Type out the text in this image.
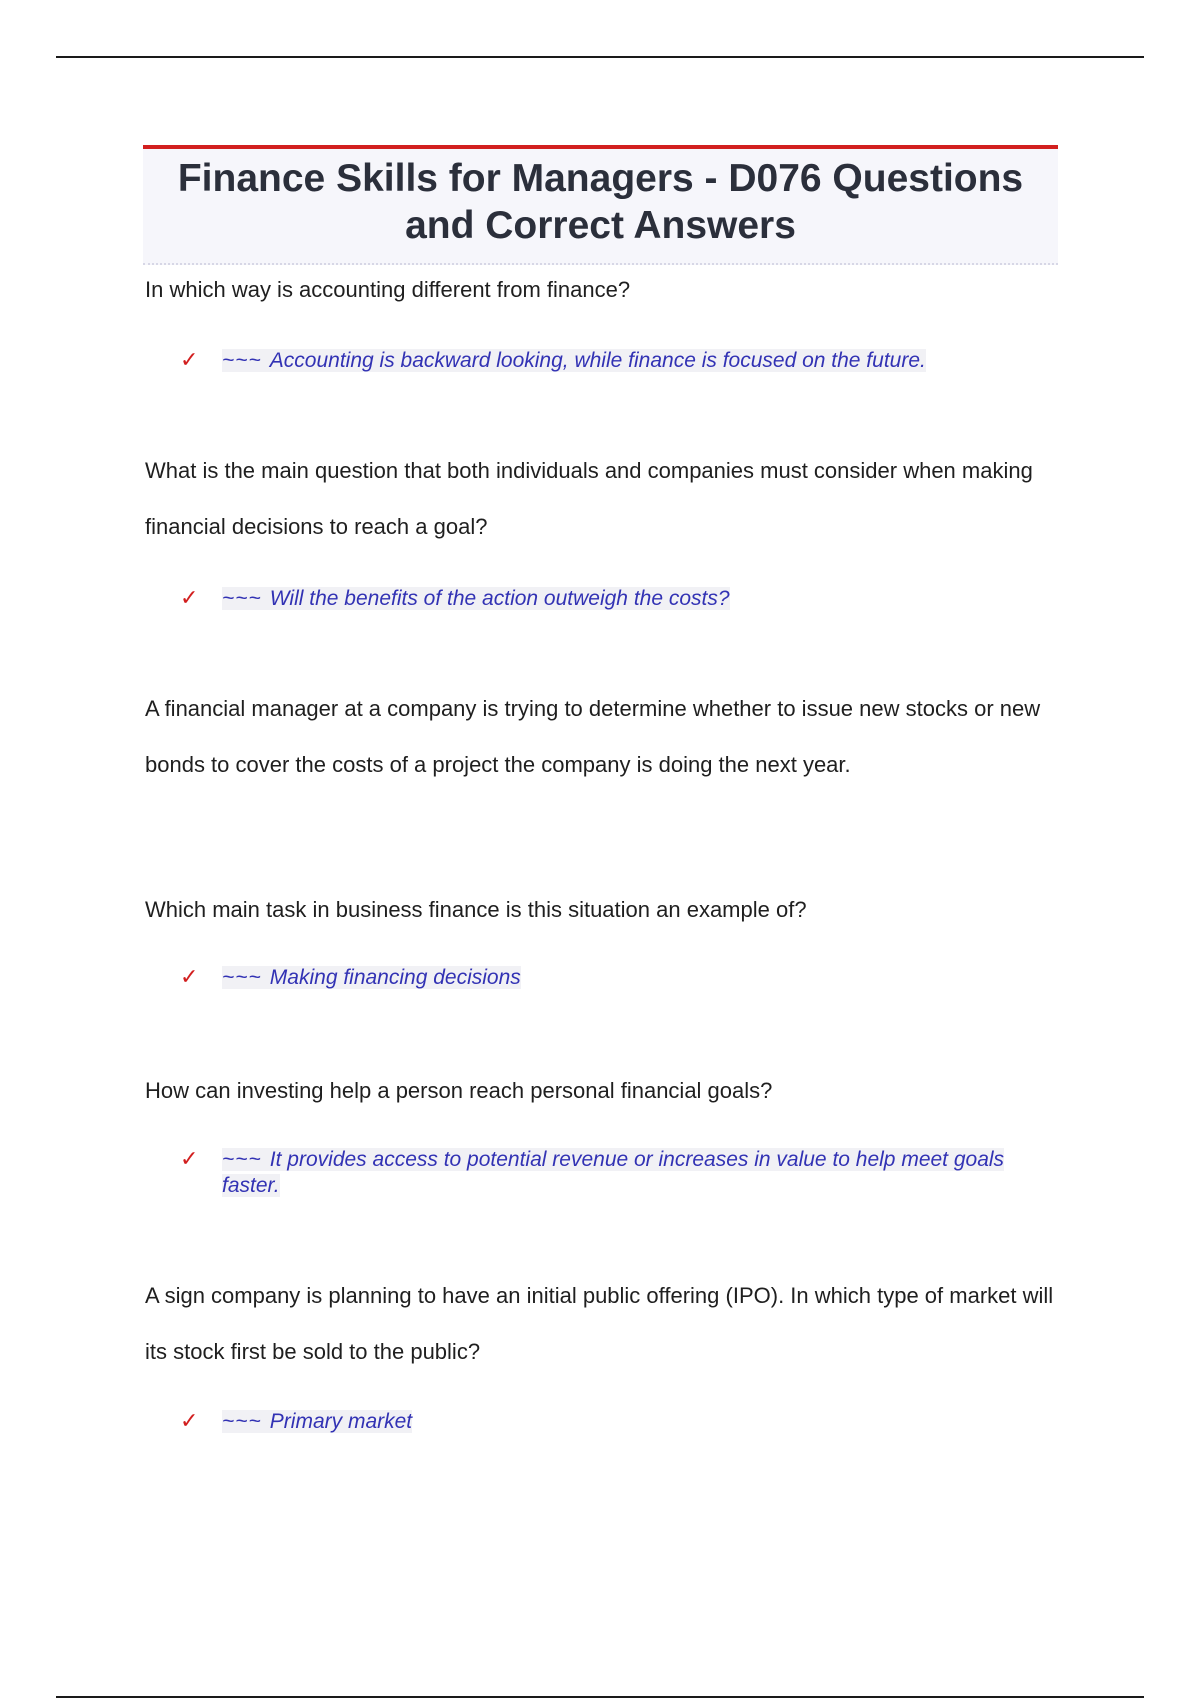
Finance Skills for Managers - D076 Questions
and Correct Answers

In which way is accounting different from finance?

✓ ~~~ Accounting is backward looking, while finance is focused on the future.

What is the main question that both individuals and companies must consider when making financial decisions to reach a goal?

✓ ~~~ Will the benefits of the action outweigh the costs?

A financial manager at a company is trying to determine whether to issue new stocks or new bonds to cover the costs of a project the company is doing the next year.

Which main task in business finance is this situation an example of?

✓ ~~~ Making financing decisions

How can investing help a person reach personal financial goals?

✓ ~~~ It provides access to potential revenue or increases in value to help meet goals faster.

A sign company is planning to have an initial public offering (IPO). In which type of market will its stock first be sold to the public?

✓ ~~~ Primary market
